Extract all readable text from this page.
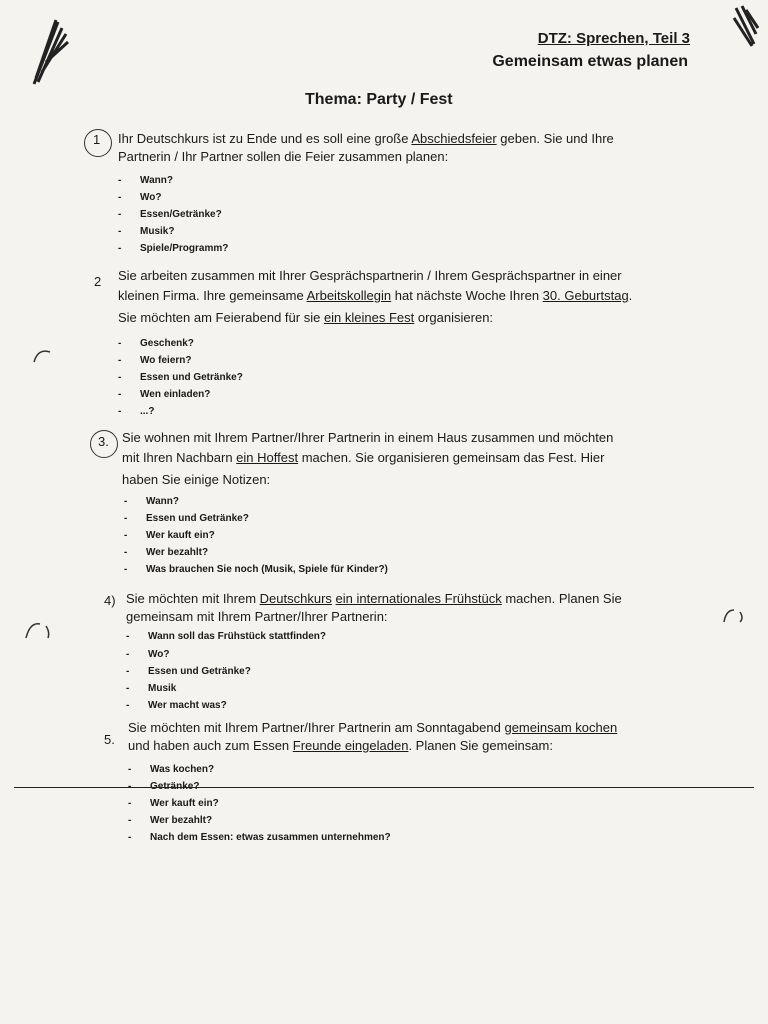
DTZ: Sprechen, Teil 3
Gemeinsam etwas planen
Thema: Party / Fest
1 Ihr Deutschkurs ist zu Ende und es soll eine große Abschiedsfeier geben. Sie und Ihre
Partnerin / Ihr Partner sollen die Feier zusammen planen:
- Wann?
- Wo?
- Essen/Getränke?
- Musik?
- Spiele/Programm?
2 Sie arbeiten zusammen mit Ihrer Gesprächspartnerin / Ihrem Gesprächspartner in einer
kleinen Firma. Ihre gemeinsame Arbeitskollegin hat nächste Woche Ihren 30. Geburtstag.
Sie möchten am Feierabend für sie ein kleines Fest organisieren:
- Geschenk?
- Wo feiern?
- Essen und Getränke?
- Wen einladen?
- ...?
3. Sie wohnen mit Ihrem Partner/Ihrer Partnerin in einem Haus zusammen und möchten
mit Ihren Nachbarn ein Hoffest machen. Sie organisieren gemeinsam das Fest. Hier
haben Sie einige Notizen:
- Wann?
- Essen und Getränke?
- Wer kauft ein?
- Wer bezahlt?
- Was brauchen Sie noch (Musik, Spiele für Kinder?)
4) Sie möchten mit Ihrem Deutschkurs ein internationales Frühstück machen. Planen Sie
gemeinsam mit Ihrem Partner/Ihrer Partnerin:
- Wann soll das Frühstück stattfinden?
- Wo?
- Essen und Getränke?
- Musik
- Wer macht was?
5.
Sie möchten mit Ihrem Partner/Ihrer Partnerin am Sonntagabend gemeinsam kochen
und haben auch zum Essen Freunde eingeladen. Planen Sie gemeinsam:
- Was kochen?
- Getränke?
- Wer kauft ein?
- Wer bezahlt?
- Nach dem Essen: etwas zusammen unternehmen?
